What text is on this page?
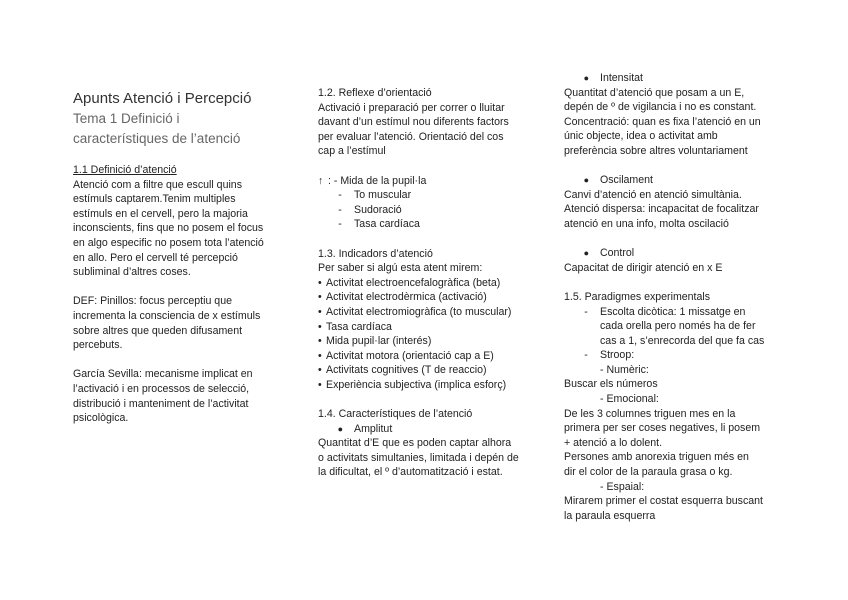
Apunts Atenció i Percepció

Tema 1 Definició i
característiques de l’atenció

1.1 Definició d’atenció

Atenció com a filtre que escull quins

estímuls captarem.Tenim multiples

estímuls en el cervell, pero la majoria

inconscients, fins que no posem el focus

en algo especific no posem tota l’atenció

en allo. Pero el cervell té percepció

subliminal d’altres coses.

DEF: Pinillos: focus perceptiu que

incrementa la consciencia de x estímuls

sobre altres que queden difusament

percebuts.

García Sevilla: mecanisme implicat en

l’activació i en processos de selecció,

distribució i manteniment de l’activitat

psicològica.

1.2. Reflexe d’orientació

Activació i preparació per correr o lluitar

davant d’un estímul nou diferents factors

per evaluar l’atenció. Orientació del cos

cap a l’estímul

↑ : - Mida de la pupil·la

-	To muscular
-	Sudoració
-	Tasa cardíaca

1.3. Indicadors d’atenció

Per saber si algú esta atent mirem:

• Activitat electroencefalogràfica (beta)
• Activitat electrodèrmica (activació)
• Activitat electromiogràfica (to muscular)
• Tasa cardíaca
• Mida pupil·lar (interés)
• Activitat motora (orientació cap a E)
• Activitats cognitives (T de reaccio)
• Experiència subjectiva (implica esforç)

1.4. Característiques de l’atenció

●	Amplitut

Quantitat d’E que es poden captar alhora

o activitats simultanies, limitada i depén de

la dificultat, el º d’automatització i estat.

●	Intensitat

Quantitat d’atenció que posam a un E,

depén de º de vigilancia i no es constant.

Concentració: quan es fixa l’atenció en un

únic objecte, idea o activitat amb

preferència sobre altres voluntariament

●	Oscilament

Canvi d’atenció en atenció simultània.

Atenció dispersa: incapacitat de focalitzar

atenció en una info, molta oscilació

●	Control

Capacitat de dirigir atenció en x E

1.5. Paradigmes experimentals

-	Escolta dicòtica: 1 missatge en

cada orella pero només ha de fer

cas a 1, s’enrecorda del que fa cas

-	Stroop:

- Numèric:

Buscar els números

- Emocional:

De les 3 columnes triguen mes en la

primera per ser coses negatives, li posem

+ atenció a lo dolent.

Persones amb anorexia triguen més en

dir el color de la paraula grasa o kg.

- Espaial:

Mirarem primer el costat esquerra buscant

la paraula esquerra
